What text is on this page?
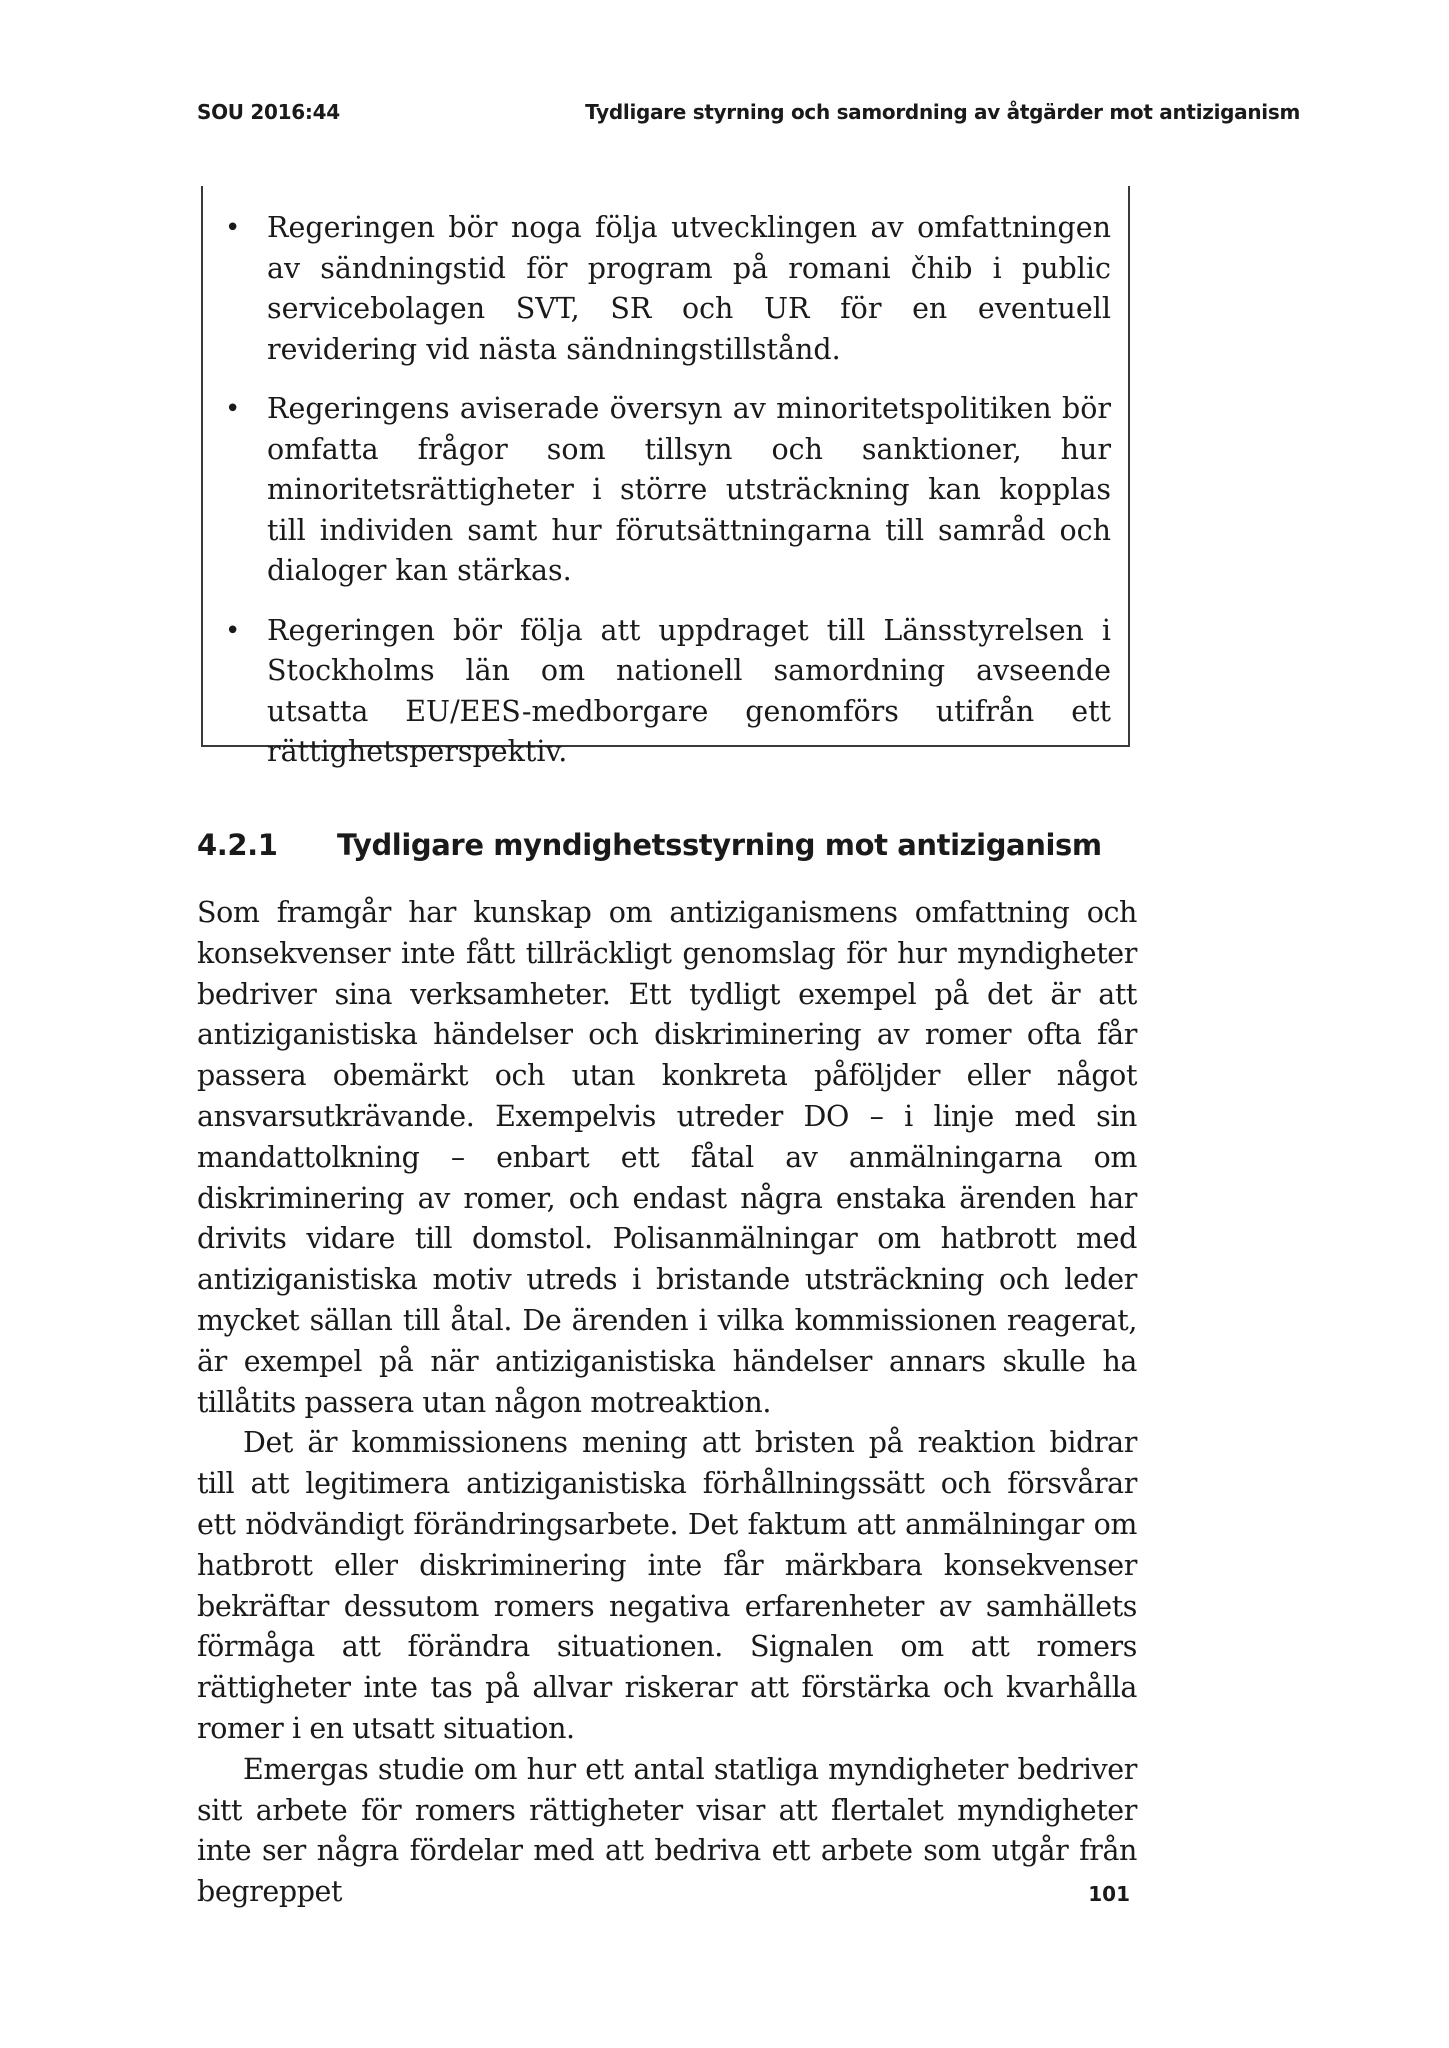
SOU 2016:44	Tydligare styrning och samordning av åtgärder mot antiziganism
• Regeringen bör noga följa utvecklingen av omfattningen av sändningstid för program på romani čhib i public servicebolagen SVT, SR och UR för en eventuell revidering vid nästa sändningstillstånd.
• Regeringens aviserade översyn av minoritetspolitiken bör omfatta frågor som tillsyn och sanktioner, hur minoritetsrättigheter i större utsträckning kan kopplas till individen samt hur förutsättningarna till samråd och dialoger kan stärkas.
• Regeringen bör följa att uppdraget till Länsstyrelsen i Stockholms län om nationell samordning avseende utsatta EU/EES-medborgare genomförs utifrån ett rättighetsperspektiv.
4.2.1 Tydligare myndighetsstyrning mot antiziganism

Som framgår har kunskap om antiziganismens omfattning och konsekvenser inte fått tillräckligt genomslag för hur myndigheter bedriver sina verksamheter. Ett tydligt exempel på det är att antiziganistiska händelser och diskriminering av romer ofta får passera obemärkt och utan konkreta påföljder eller något ansvarsutkrävande. Exempelvis utreder DO – i linje med sin mandattolkning – enbart ett fåtal av anmälningarna om diskriminering av romer, och endast några enstaka ärenden har drivits vidare till domstol. Polisanmälningar om hatbrott med antiziganistiska motiv utreds i bristande utsträckning och leder mycket sällan till åtal. De ärenden i vilka kommissionen reagerat, är exempel på när antiziganistiska händelser annars skulle ha tillåtits passera utan någon motreaktion.

Det är kommissionens mening att bristen på reaktion bidrar till att legitimera antiziganistiska förhållningssätt och försvårar ett nödvändigt förändringsarbete. Det faktum att anmälningar om hatbrott eller diskriminering inte får märkbara konsekvenser bekräftar dessutom romers negativa erfarenheter av samhällets förmåga att förändra situationen. Signalen om att romers rättigheter inte tas på allvar riskerar att förstärka och kvarhålla romer i en utsatt situation.

Emergas studie om hur ett antal statliga myndigheter bedriver sitt arbete för romers rättigheter visar att flertalet myndigheter inte ser några fördelar med att bedriva ett arbete som utgår från begreppet	101
